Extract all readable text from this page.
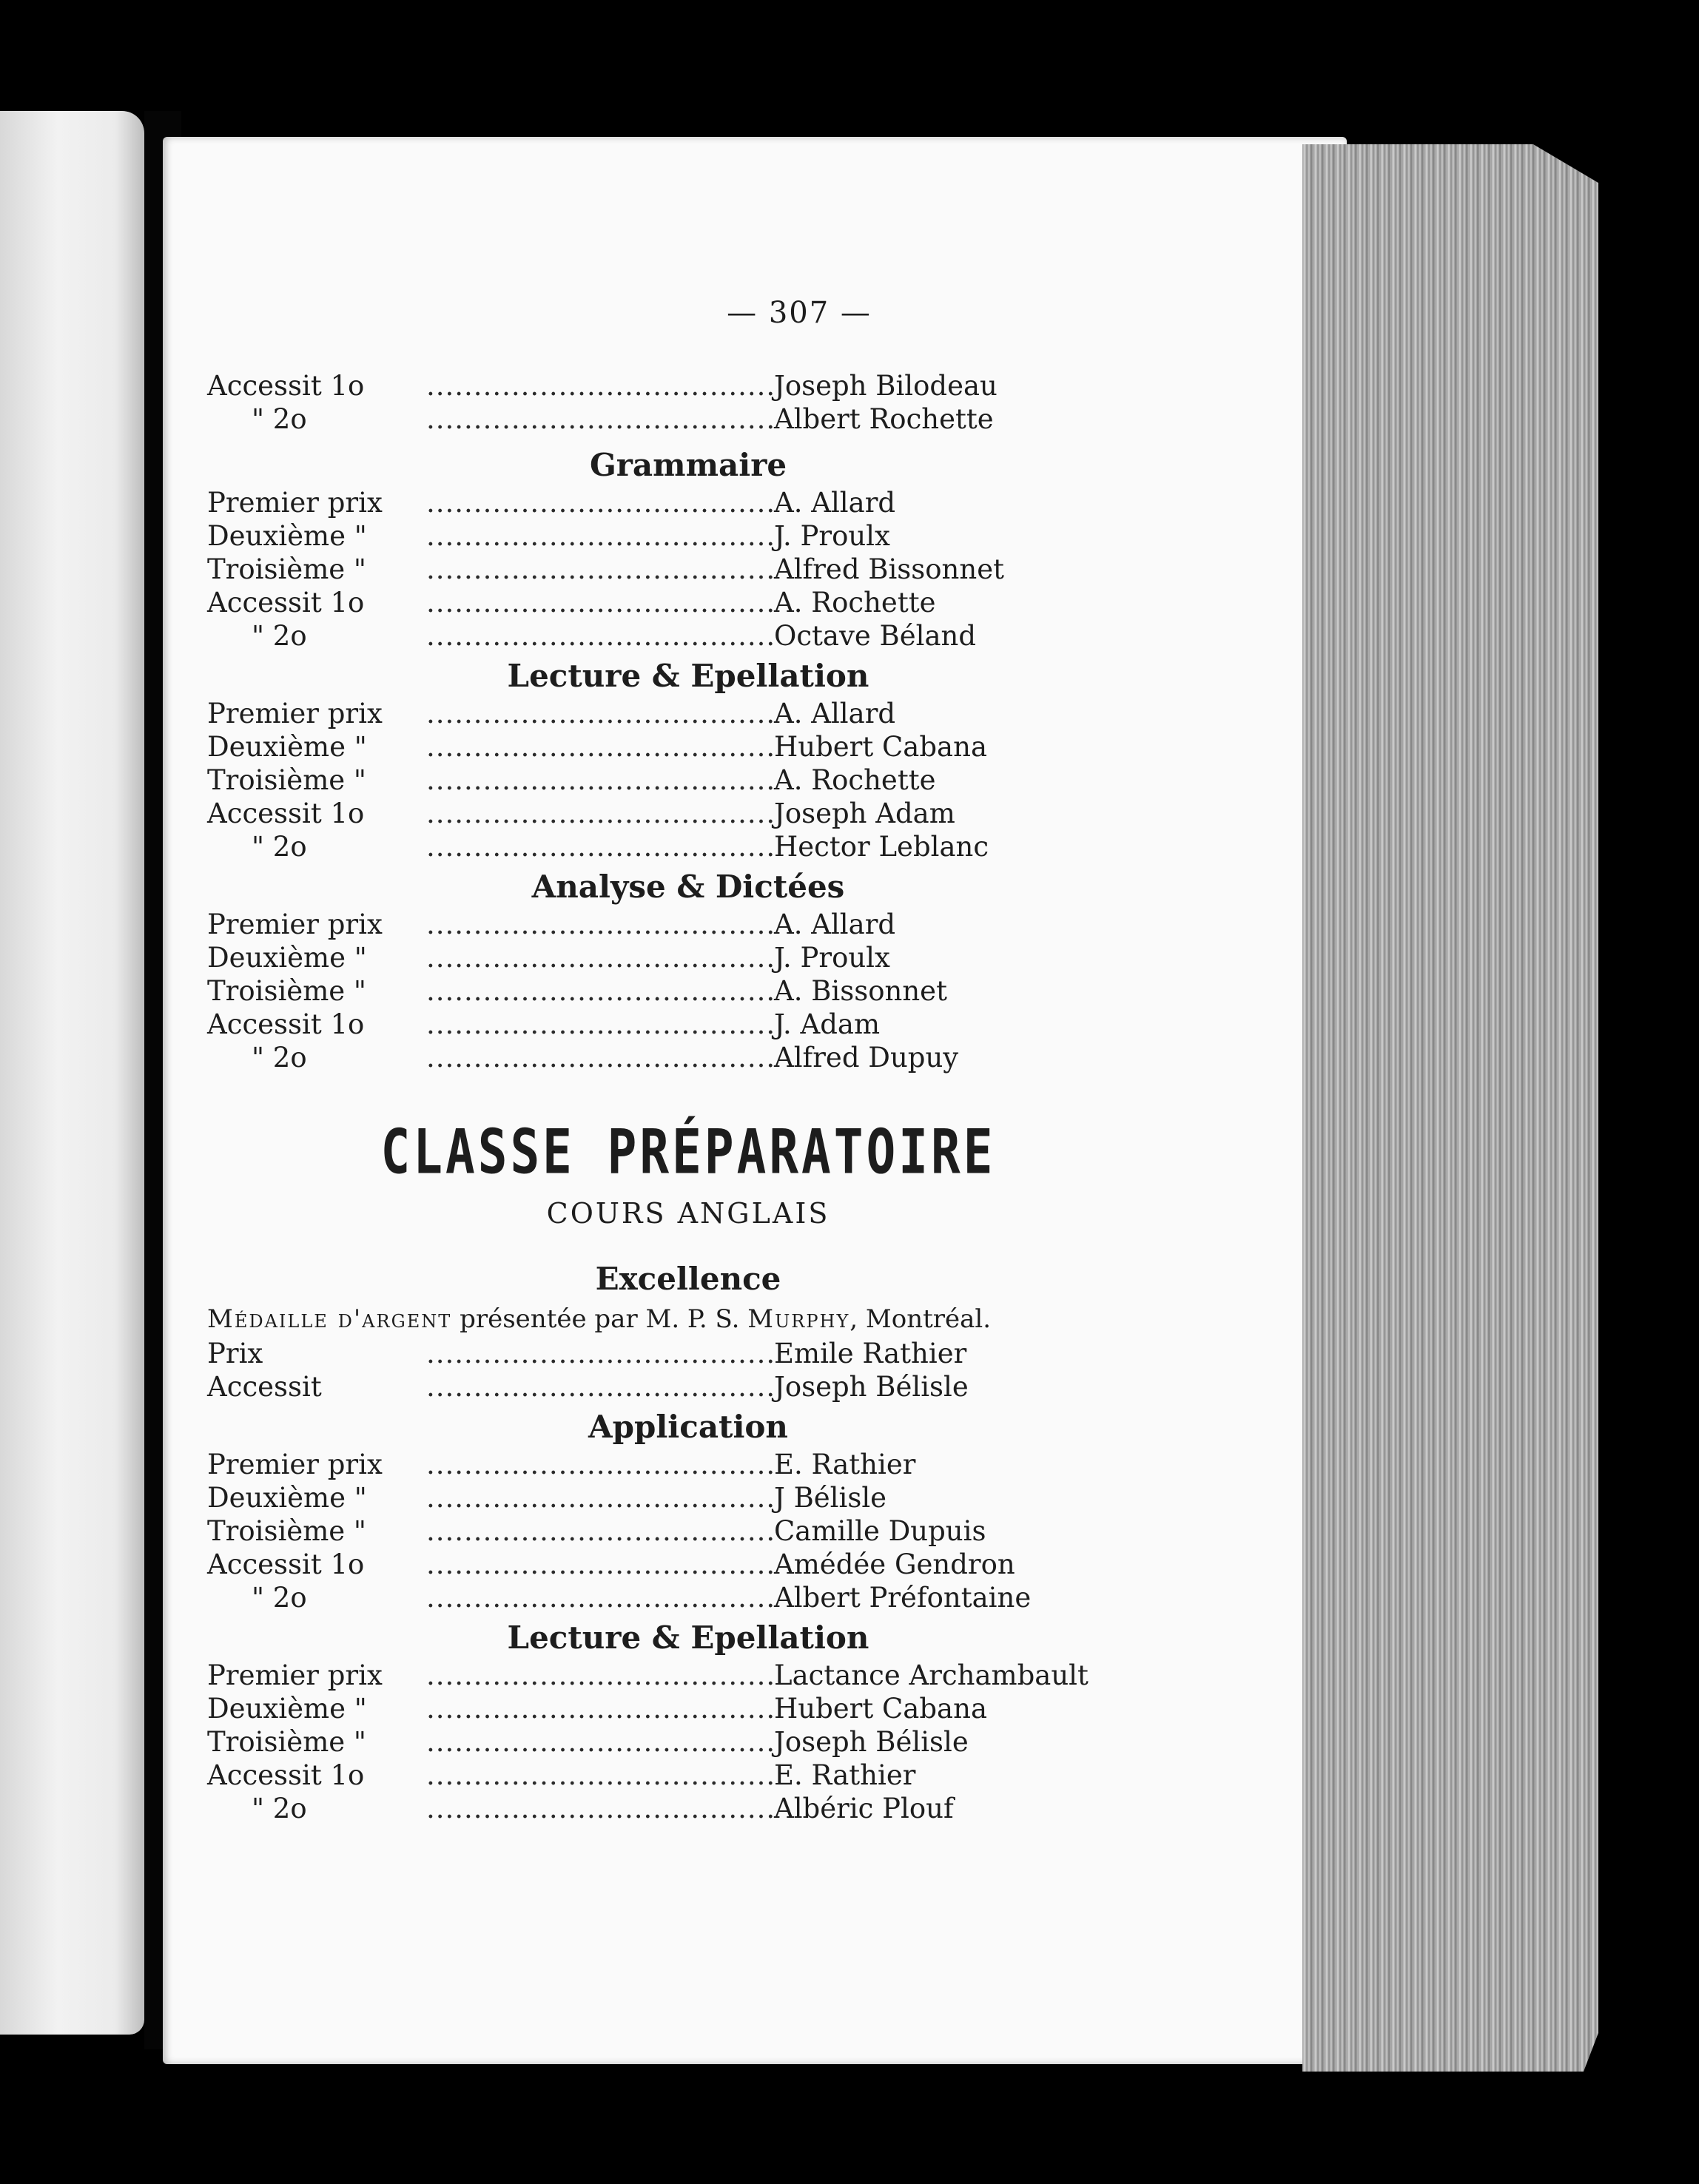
— 307 —
Accessit 1o .....	Joseph Bilodeau
" 2o .....	Albert Rochette
Grammaire
Premier prix .....	A. Allard
Deuxième " .....	J. Proulx
Troisième " .....	Alfred Bissonnet
Accessit 1o .....	A. Rochette
" 2o .....	Octave Béland
Lecture & Epellation
Premier prix .....	A. Allard
Deuxième " .....	Hubert Cabana
Troisième " .....	A. Rochette
Accessit 1o .....	Joseph Adam
" 2o .....	Hector Leblanc
Analyse & Dictées
Premier prix .....	A. Allard
Deuxième " .....	J. Proulx
Troisième " .....	A. Bissonnet
Accessit 1o .....	J. Adam
" 2o .....	Alfred Dupuy
CLASSE PRÉPARATOIRE
COURS ANGLAIS
Excellence
Médaille d'argent présentée par M. P. S. Murphy, Montréal.
Prix .....	Emile Rathier
Accessit .....	Joseph Bélisle
Application
Premier prix .....	E. Rathier
Deuxième " .....	J Bélisle
Troisième " .....	Camille Dupuis
Accessit 1o .....	Amédée Gendron
" 2o .....	Albert Préfontaine
Lecture & Epellation
Premier prix .....	Lactance Archambault
Deuxième " .....	Hubert Cabana
Troisième " .....	Joseph Bélisle
Accessit 1o .....	E. Rathier
" 2o .....	Albéric Plouf
